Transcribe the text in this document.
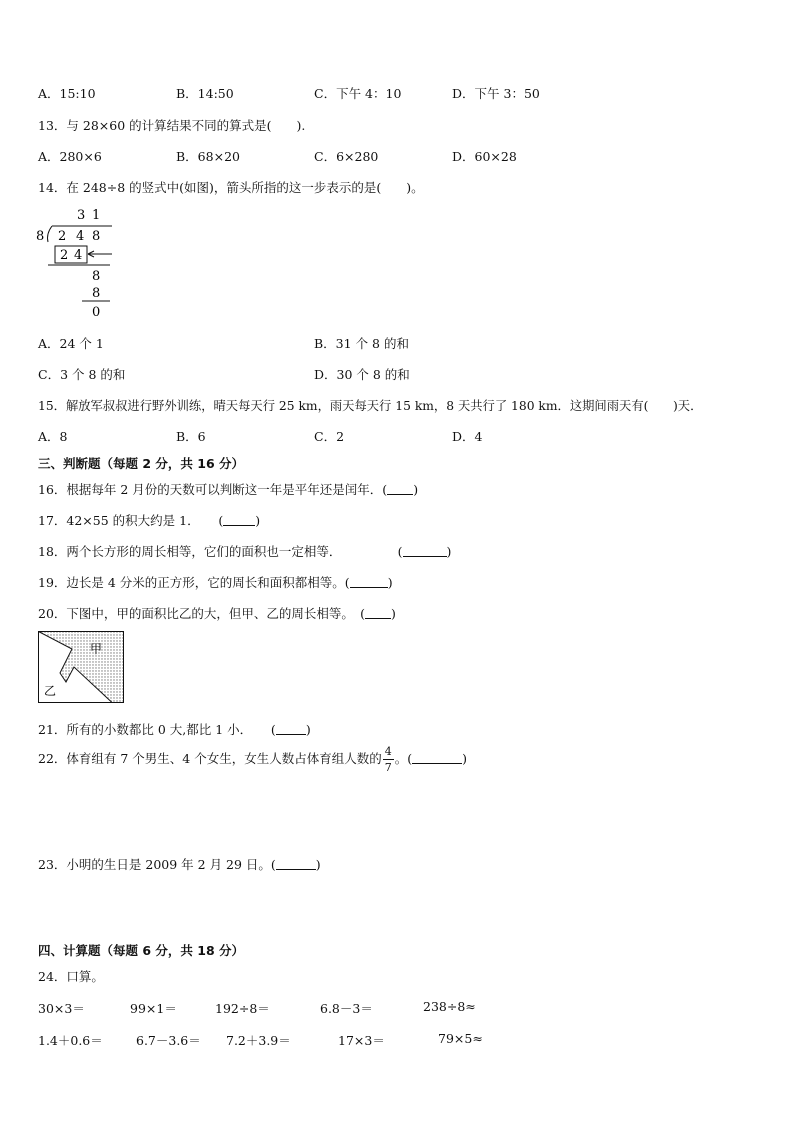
A．15:10	B．14:50	C．下午 4：10	D．下午 3：50
13．与 28×60 的计算结果不同的算式是(　　).
A．280×6	B．68×20	C．6×280	D．60×28
14．在 248÷8 的竖式中(如图)，箭头所指的这一步表示的是(　　)。
3 1
8 2 4 8
2 4
8
8
0
A．24 个 1	B．31 个 8 的和
C．3 个 8 的和	D．30 个 8 的和
15．解放军叔叔进行野外训练，晴天每天行 25 km，雨天每天行 15 km，8 天共行了 180 km．这期间雨天有(　　)天．
A．8	B．6	C．2	D．4
三、判断题（每题 2 分，共 16 分）
16．根据每年 2 月份的天数可以判断这一年是平年还是闰年．( )
17．42×55 的积大约是 1．　　(	)
18．两个长方形的周长相等，它们的面积也一定相等．　　　　　(	)
19．边长是 4 分米的正方形，它的周长和面积都相等。(	)
20．下图中，甲的面积比乙的大，但甲、乙的周长相等。　( )
甲
乙
21．所有的小数都比 0 大,都比 1 小．　　( )
22．体育组有 7 个男生、4 个女生，女生人数占体育组人数的 $\frac{4}{7}$ 。(	)
23．小明的生日是 2009 年 2 月 29 日。(	)
四、计算题（每题 6 分，共 18 分）
24．口算。
30×3＝	99×1＝	192÷8＝	6.8－3＝	238÷8≈
1.4＋0.6＝	6.7－3.6＝ 7.2＋3.9＝	17×3＝	79×5≈
